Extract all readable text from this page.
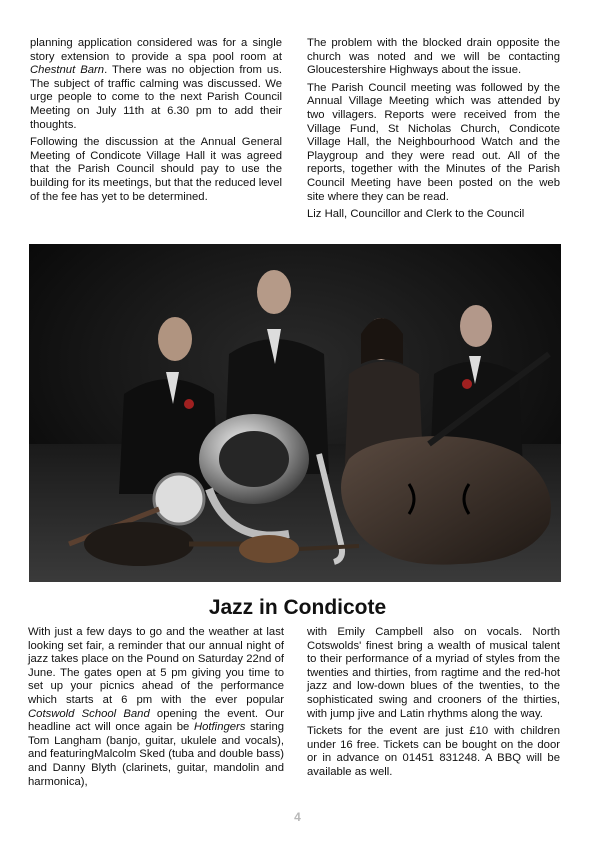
planning application considered was for a single story extension to provide a spa pool room at Chestnut Barn. There was no objection from us. The subject of traffic calming was discussed. We urge people to come to the next Parish Council Meeting on July 11th at 6.30 pm to add their thoughts.

Following the discussion at the Annual General Meeting of Condicote Village Hall it was agreed that the Parish Council should pay to use the building for its meetings, but that the reduced level of the fee has yet to be determined.

The problem with the blocked drain opposite the church was noted and we will be contacting Gloucestershire Highways about the issue.

The Parish Council meeting was followed by the Annual Village Meeting which was attended by two villagers. Reports were received from the Village Fund, St Nicholas Church, Condicote Village Hall, the Neighbourhood Watch and the Playgroup and they were read out. All of the reports, together with the Minutes of the Parish Council Meeting have been posted on the web site where they can be read.

Liz Hall, Councillor and Clerk to the Council

Jazz in Condicote

With just a few days to go and the weather at last looking set fair, a reminder that our annual night of jazz takes place on the Pound on Saturday 22nd of June. The gates open at 5 pm giving you time to set up your picnics ahead of the performance which starts at 6 pm with the ever popular Cotswold School Band opening the event. Our headline act will once again be Hotfingers staring Tom Langham (banjo, guitar, ukulele and vocals), and featuringMalcolm Sked (tuba and double bass) and Danny Blyth (clarinets, guitar, mandolin and harmonica),

with Emily Campbell also on vocals. North Cotswolds' finest bring a wealth of musical talent to their performance of a myriad of styles from the twenties and thirties, from ragtime and the red-hot jazz and low-down blues of the twenties, to the sophisticated swing and crooners of the thirties, with jump jive and Latin rhythms along the way.

Tickets for the event are just £10 with children under 16 free. Tickets can be bought on the door or in advance on 01451 831248. A BBQ will be available as well.

4
